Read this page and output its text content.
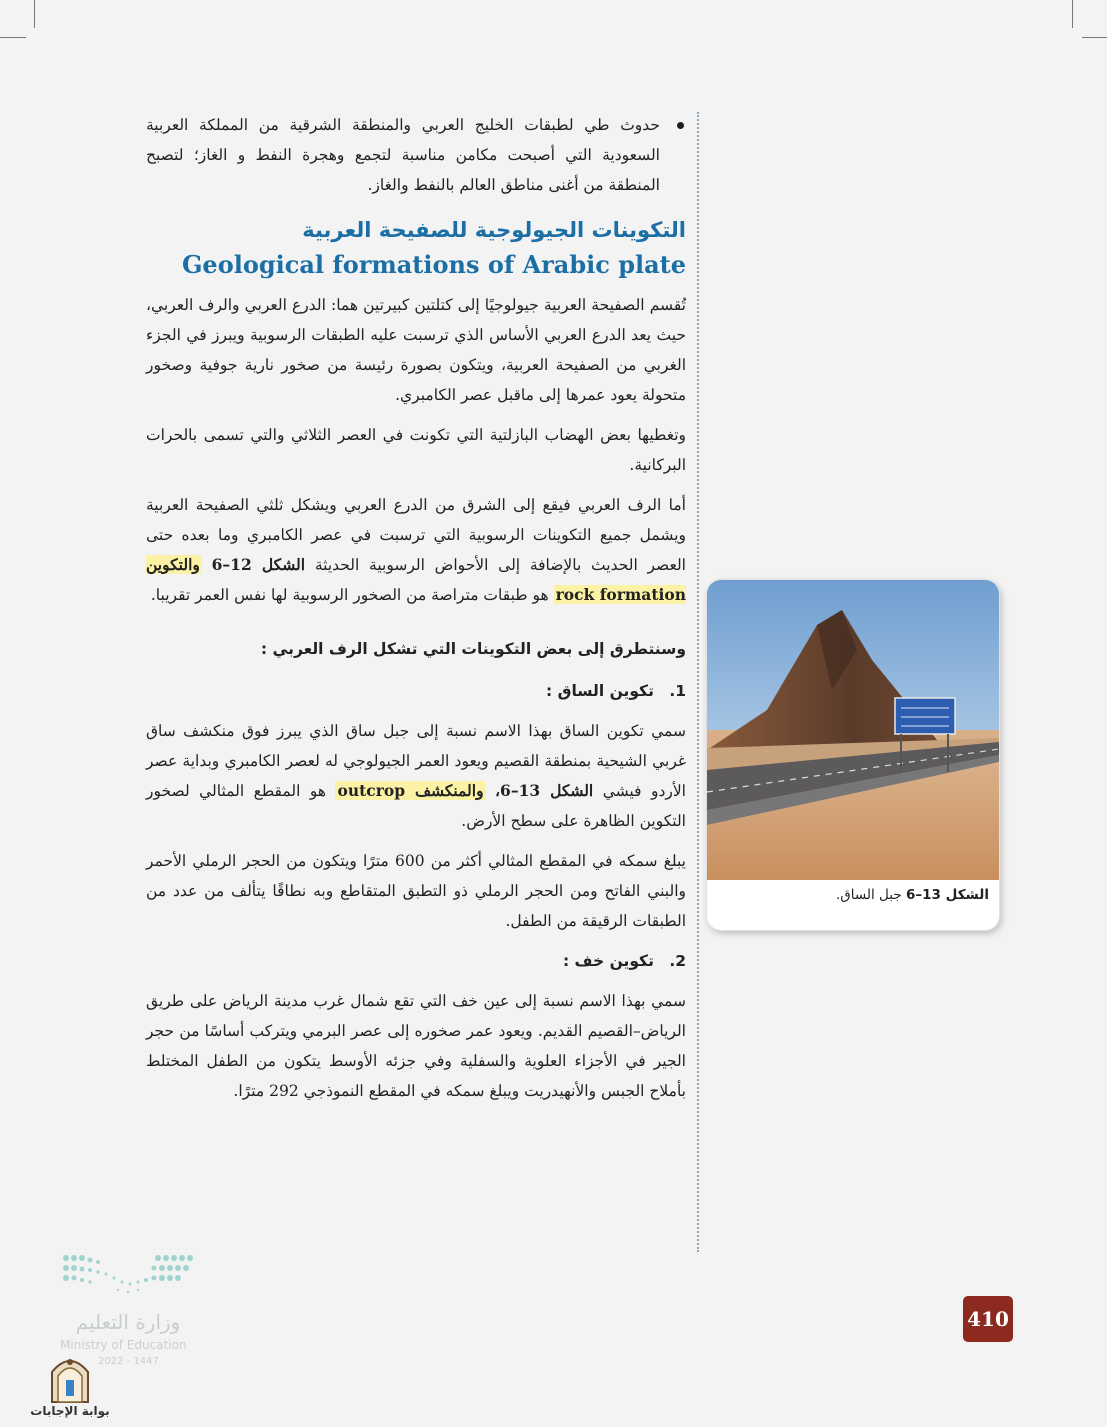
حدوث طي لطبقات الخليج العربي والمنطقة الشرقية من المملكة العربية السعودية التي أصبحت مكامن مناسبة لتجمع وهجرة النفط و الغاز؛ لتصبح المنطقة من أغنى مناطق العالم بالنفط والغاز.

التكوينات الجيولوجية للصفيحة العربية
Geological formations of Arabic plate

تُقسم الصفيحة العربية جيولوجيًا إلى كتلتين كبيرتين هما: الدرع العربي والرف العربي، حيث يعد الدرع العربي الأساس الذي ترسبت عليه الطبقات الرسوبية ويبرز في الجزء الغربي من الصفيحة العربية، ويتكون بصورة رئيسة من صخور نارية جوفية وصخور متحولة يعود عمرها إلى ماقبل عصر الكامبري.

وتغطيها بعض الهضاب البازلتية التي تكونت في العصر الثلاثي والتي تسمى بالحرات البركانية.

أما الرف العربي فيقع إلى الشرق من الدرع العربي ويشكل ثلثي الصفيحة العربية ويشمل جميع التكوينات الرسوبية التي ترسبت في عصر الكامبري وما بعده حتى العصر الحديث بالإضافة إلى الأحواض الرسوبية الحديثة الشكل 12–6 والتكوين rock formation هو طبقات متراصة من الصخور الرسوبية لها نفس العمر تقريبا.

وسنتطرق إلى بعض التكوينات التي تشكل الرف العربي :
1. تكوين الساق :

سمي تكوين الساق بهذا الاسم نسبة إلى جبل ساق الذي يبرز فوق منكشف ساق غربي الشيحية بمنطقة القصيم ويعود العمر الجيولوجي له لعصر الكامبري وبداية عصر الأردو فيشي الشكل 13–6، والمنكشف outcrop هو المقطع المثالي لصخور التكوين الظاهرة على سطح الأرض.

يبلغ سمكه في المقطع المثالي أكثر من 600 مترًا ويتكون من الحجر الرملي الأحمر والبني الفاتح ومن الحجر الرملي ذو التطبق المتقاطع وبه نطاقًا يتألف من عدد من الطبقات الرقيقة من الطفل.

2. تكوين خف :

سمي بهذا الاسم نسبة إلى عين خف التي تقع شمال غرب مدينة الرياض على طريق الرياض–القصيم القديم. ويعود عمر صخوره إلى عصر البرمي ويتركب أساسًا من حجر الجير في الأجزاء العلوية والسفلية وفي جزئه الأوسط يتكون من الطفل المختلط بأملاح الجبس والأنهيدريت ويبلغ سمكه في المقطع النموذجي 292 مترًا.

الشكل 13–6 جبل الساق.
وزارة التعليم
Ministry of Education
2022 - 1447
بوابة الإجابات
410
